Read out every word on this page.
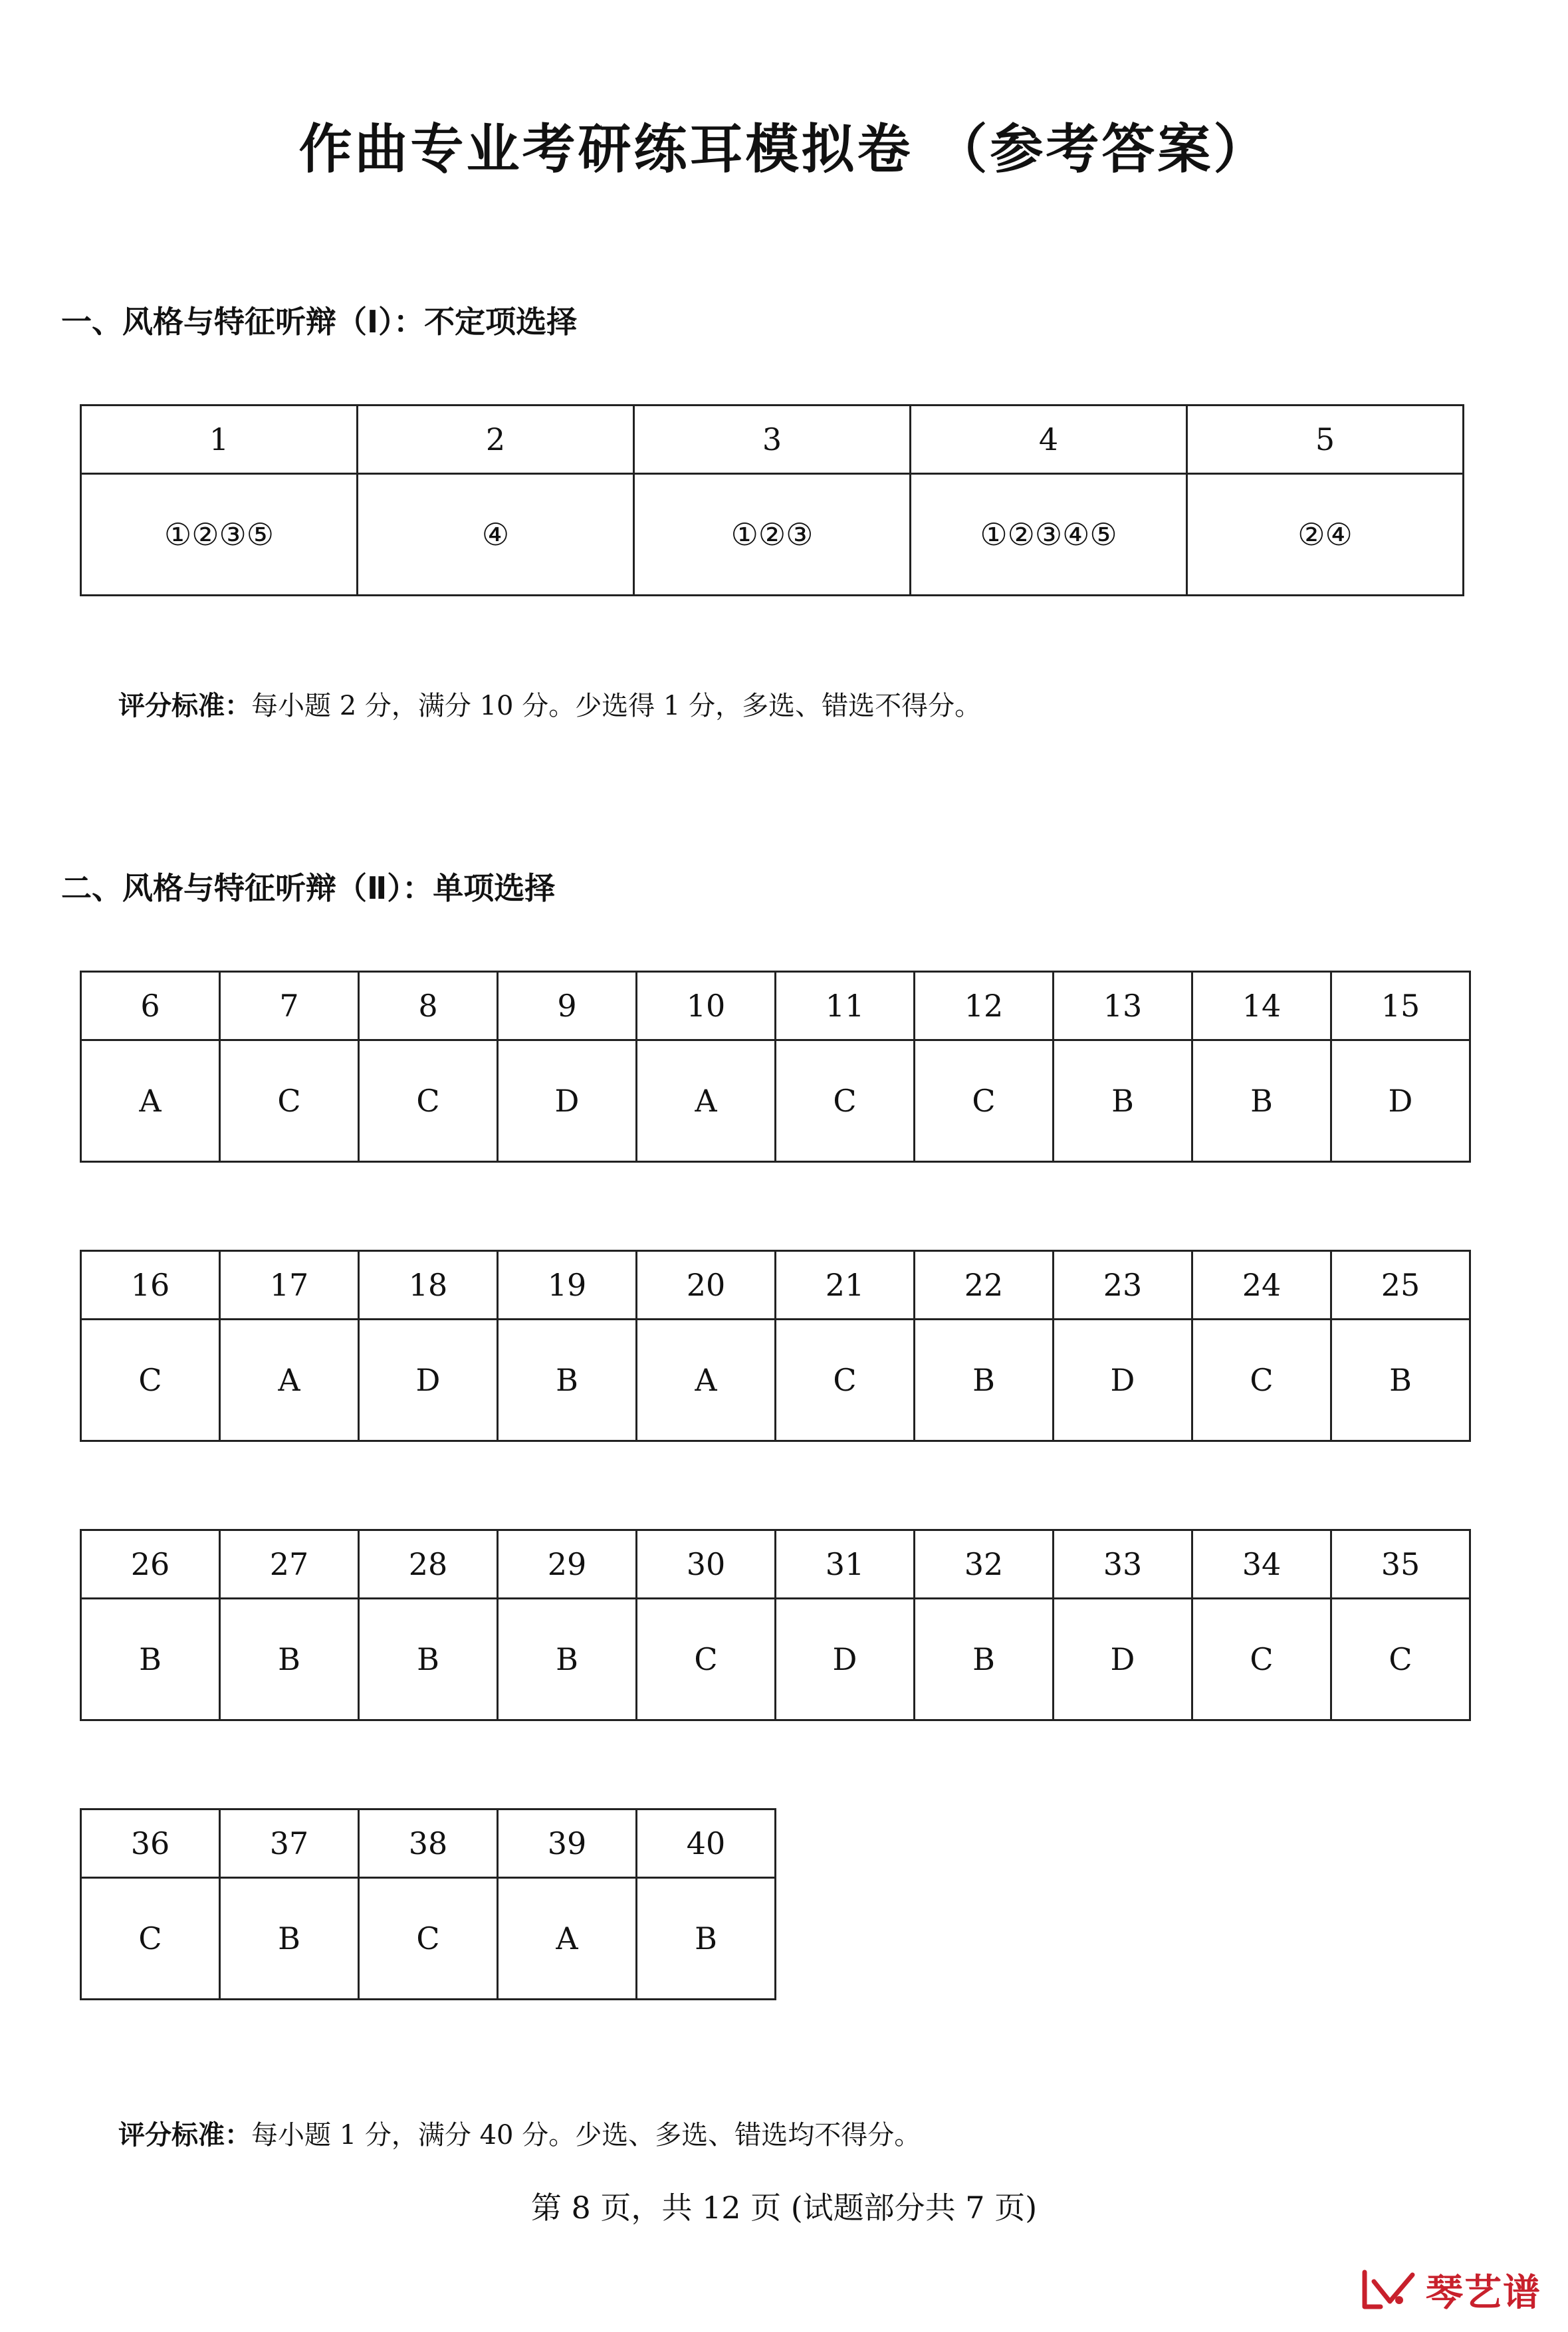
作曲专业考研练耳模拟卷 （参考答案）
一、风格与特征听辩（Ⅰ）：不定项选择
1	2	3	4	5
①②③⑤	④	①②③	①②③④⑤	②④

评分标准：每小题 2 分，满分 10 分。少选得 1 分，多选、错选不得分。

二、风格与特征听辩（Ⅱ）：单项选择
6	7	8	9	10	11	12	13	14	15
A	C	C	D	A	C	C	B	B	D
16	17	18	19	20	21	22	23	24	25
C	A	D	B	A	C	B	D	C	B
26	27	28	29	30	31	32	33	34	35
B	B	B	B	C	D	B	D	C	C
36	37	38	39	40
C	B	C	A	B

评分标准：每小题 1 分，满分 40 分。少选、多选、错选均不得分。

第 8 页，共 12 页 (试题部分共 7 页)

琴艺谱
